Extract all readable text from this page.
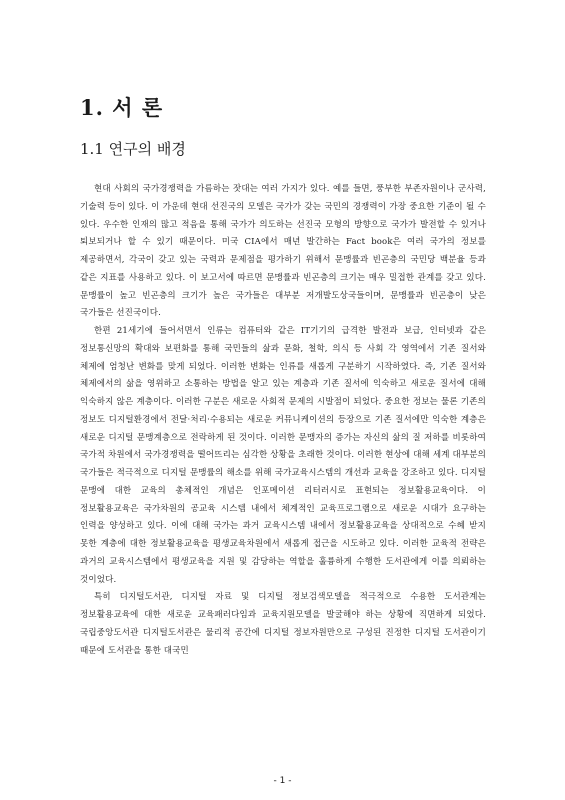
1. 서 론
1.1 연구의 배경

현대 사회의 국가경쟁력을 가름하는 잣대는 여러 가지가 있다. 예를 들면, 풍부한 부존자원이나 군사력, 기술력 등이 있다. 이 가운데 현대 선진국의 모델은 국가가 갖는 국민의 경쟁력이 가장 중요한 기준이 될 수 있다. 우수한 인재의 많고 적음을 통해 국가가 의도하는 선진국 모형의 방향으로 국가가 발전할 수 있거나 퇴보되거나 할 수 있기 때문이다. 미국 CIA에서 매년 발간하는 Fact book은 여러 국가의 정보를 제공하면서, 각국이 갖고 있는 국력과 문제점을 평가하기 위해서 문맹률과 빈곤층의 국민당 백분율 등과 같은 지표를 사용하고 있다. 이 보고서에 따르면 문맹률과 빈곤층의 크기는 매우 밀접한 관계를 갖고 있다. 문맹률이 높고 빈곤층의 크기가 높은 국가들은 대부분 저개발도상국들이며, 문맹률과 빈곤층이 낮은 국가들은 선진국이다.

한편 21세기에 들어서면서 인류는 컴퓨터와 같은 IT기기의 급격한 발전과 보급, 인터넷과 같은 정보통신망의 확대와 보편화를 통해 국민들의 삶과 문화, 철학, 의식 등 사회 각 영역에서 기존 질서와 체제에 엄청난 변화를 맞게 되었다. 이러한 변화는 인류를 새롭게 구분하기 시작하였다. 즉, 기존 질서와 체제에서의 삶을 영위하고 소통하는 방법을 알고 있는 계층과 기존 질서에 익숙하고 새로운 질서에 대해 익숙하지 않은 계층이다. 이러한 구분은 새로운 사회적 문제의 시발점이 되었다. 중요한 정보는 물론 기존의 정보도 디지털환경에서 전달·처리·수용되는 새로운 커뮤니케이션의 등장으로 기존 질서에만 익숙한 계층은 새로운 디지털 문맹계층으로 전락하게 된 것이다. 이러한 문맹자의 증가는 자신의 삶의 질 저하를 비롯하여 국가적 차원에서 국가경쟁력을 떨어뜨리는 심각한 상황을 초래한 것이다. 이러한 현상에 대해 세계 대부분의 국가들은 적극적으로 디지털 문맹률의 해소를 위해 국가교육시스템의 개선과 교육을 강조하고 있다. 디지털 문맹에 대한 교육의 총체적인 개념은 인포메이션 리터러시로 표현되는 정보활용교육이다. 이 정보활용교육은 국가차원의 공교육 시스템 내에서 체계적인 교육프로그램으로 새로운 시대가 요구하는 인력을 양성하고 있다. 이에 대해 국가는 과거 교육시스템 내에서 정보활용교육을 상대적으로 수혜 받지 못한 계층에 대한 정보활용교육을 평생교육차원에서 새롭게 접근을 시도하고 있다. 이러한 교육적 전략은 과거의 교육시스템에서 평생교육을 지원 및 감당하는 역할을 훌륭하게 수행한 도서관에게 이를 의뢰하는 것이었다.

특히 디지털도서관, 디지털 자료 및 디지털 정보검색모델을 적극적으로 수용한 도서관계는 정보활용교육에 대한 새로운 교육패러다임과 교육지원모델을 발굴해야 하는 상황에 직면하게 되었다. 국립중앙도서관 디지털도서관은 물리적 공간에 디지털 정보자원만으로 구성된 진정한 디지털 도서관이기 때문에 도서관을 통한 대국민

- 1 -
